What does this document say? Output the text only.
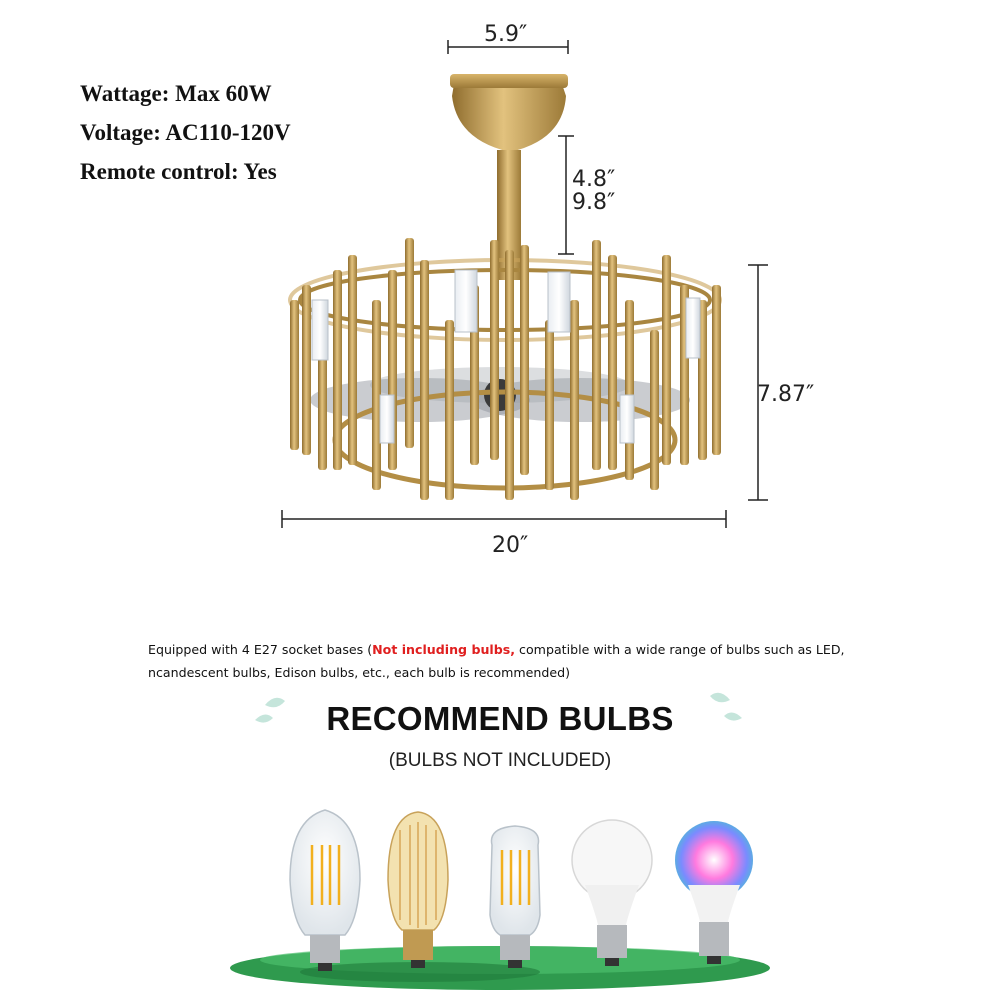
Wattage: Max 60W
Voltage: AC110-120V
Remote control: Yes
5.9″
4.8″
9.8″
7.87″
20″
Equipped with 4 E27 socket bases (Not including bulbs, compatible with a wide range of bulbs such as LED, ncandescent bulbs, Edison bulbs, etc., each bulb is recommended)
RECOMMEND BULBS
(BULBS NOT INCLUDED)
